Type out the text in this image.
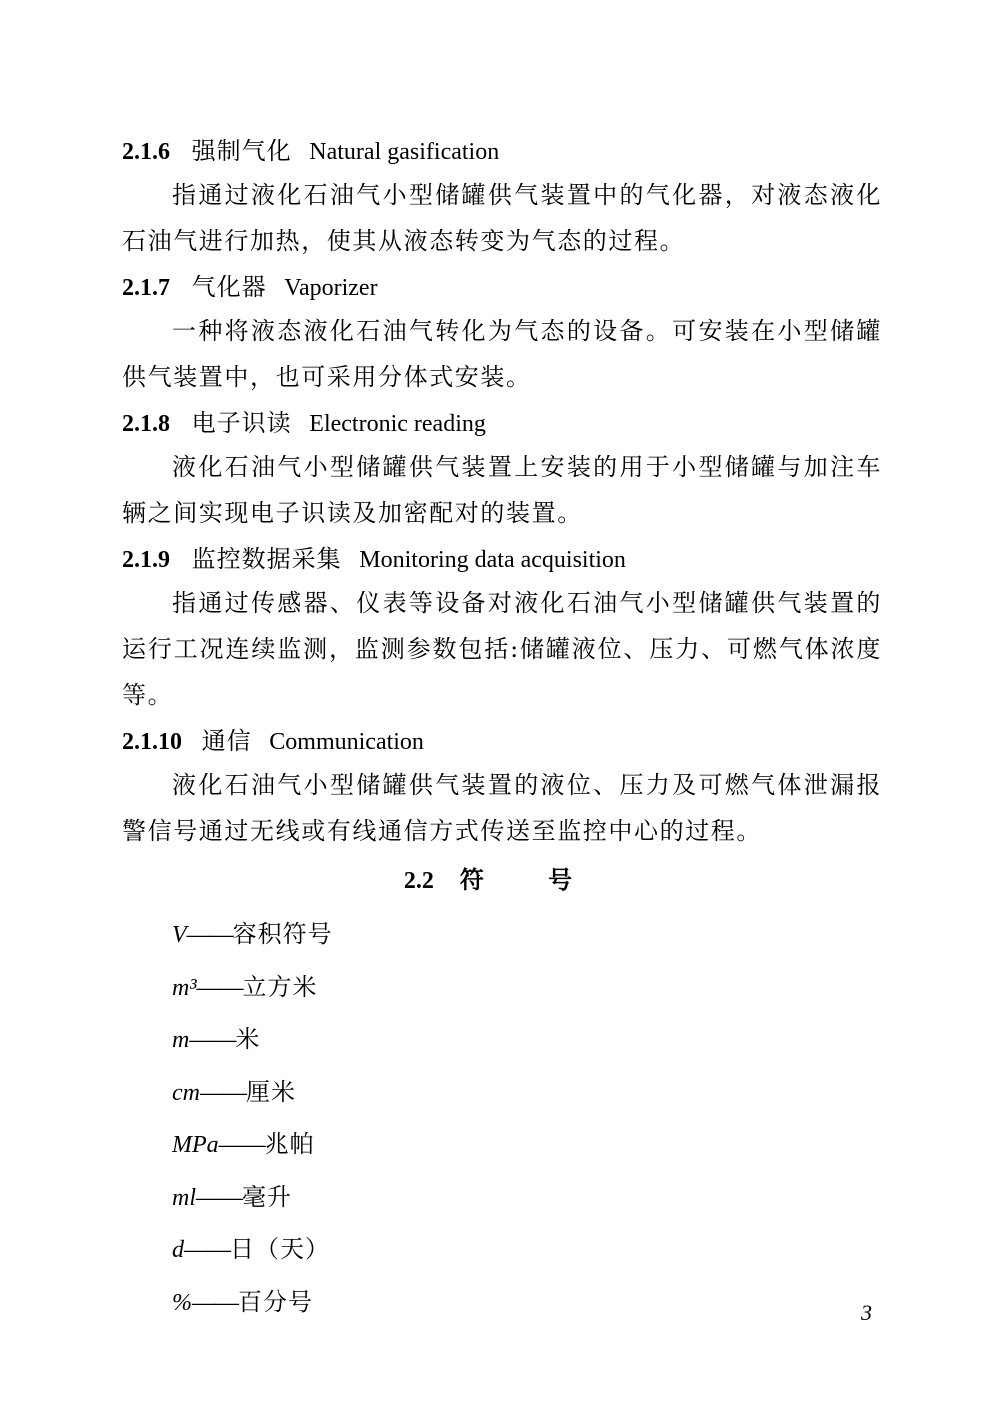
2.1.6 强制气化 Natural gasification

指通过液化石油气小型储罐供气装置中的气化器，对液态液化石油气进行加热，使其从液态转变为气态的过程。

2.1.7 气化器 Vaporizer

一种将液态液化石油气转化为气态的设备。可安装在小型储罐供气装置中，也可采用分体式安装。

2.1.8 电子识读 Electronic reading

液化石油气小型储罐供气装置上安装的用于小型储罐与加注车辆之间实现电子识读及加密配对的装置。

2.1.9 监控数据采集 Monitoring data acquisition

指通过传感器、仪表等设备对液化石油气小型储罐供气装置的运行工况连续监测，监测参数包括:储罐液位、压力、可燃气体浓度等。

2.1.10 通信 Communication

液化石油气小型储罐供气装置的液位、压力及可燃气体泄漏报警信号通过无线或有线通信方式传送至监控中心的过程。

2.2 符 号
V——容积符号
m³——立方米
m——米
cm——厘米
MPa——兆帕
ml——毫升
d——日（天）
%——百分号	3
